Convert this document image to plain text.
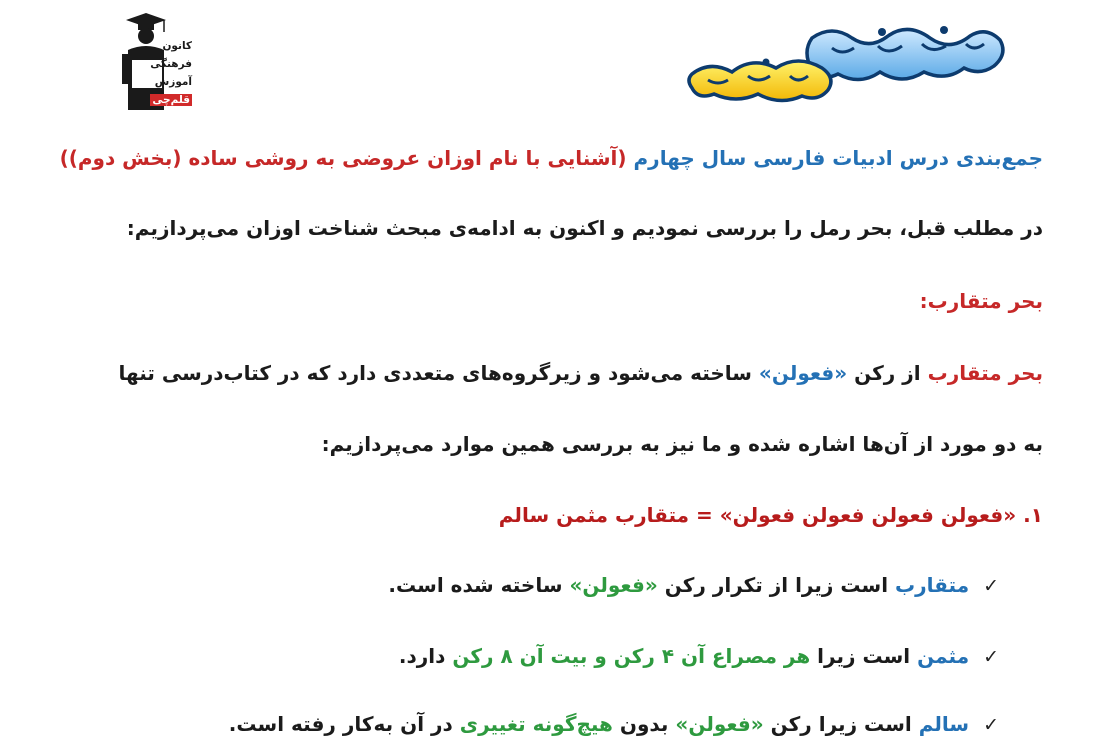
کانون
فرهنگی
آموزش
قلم‌چی
جمع‌بندی درس ادبیات فارسی سال چهارم (آشنایی با نام اوزان عروضی به روشی ساده (بخش دوم))
در مطلب قبل، بحر رمل را بررسی نمودیم و اکنون به ادامه‌ی مبحث شناخت اوزان می‌پردازیم:
بحر متقارب:
بحر متقارب از رکن «فعولن» ساخته می‌شود و زیرگروه‌های متعددی دارد که در کتاب‌درسی تنها
به دو مورد از آن‌ها اشاره شده و ما نیز به بررسی همین موارد می‌پردازیم:
۱. «فعولن فعولن فعولن فعولن» = متقارب مثمن سالم
✓متقارب است زیرا از تکرار رکن «فعولن» ساخته شده است.
✓مثمن است زیرا هر مصراع آن ۴ رکن و بیت آن ۸ رکن دارد.
✓سالم است زیرا رکن «فعولن» بدون هیچ‌گونه تغییری در آن به‌کار رفته است.
